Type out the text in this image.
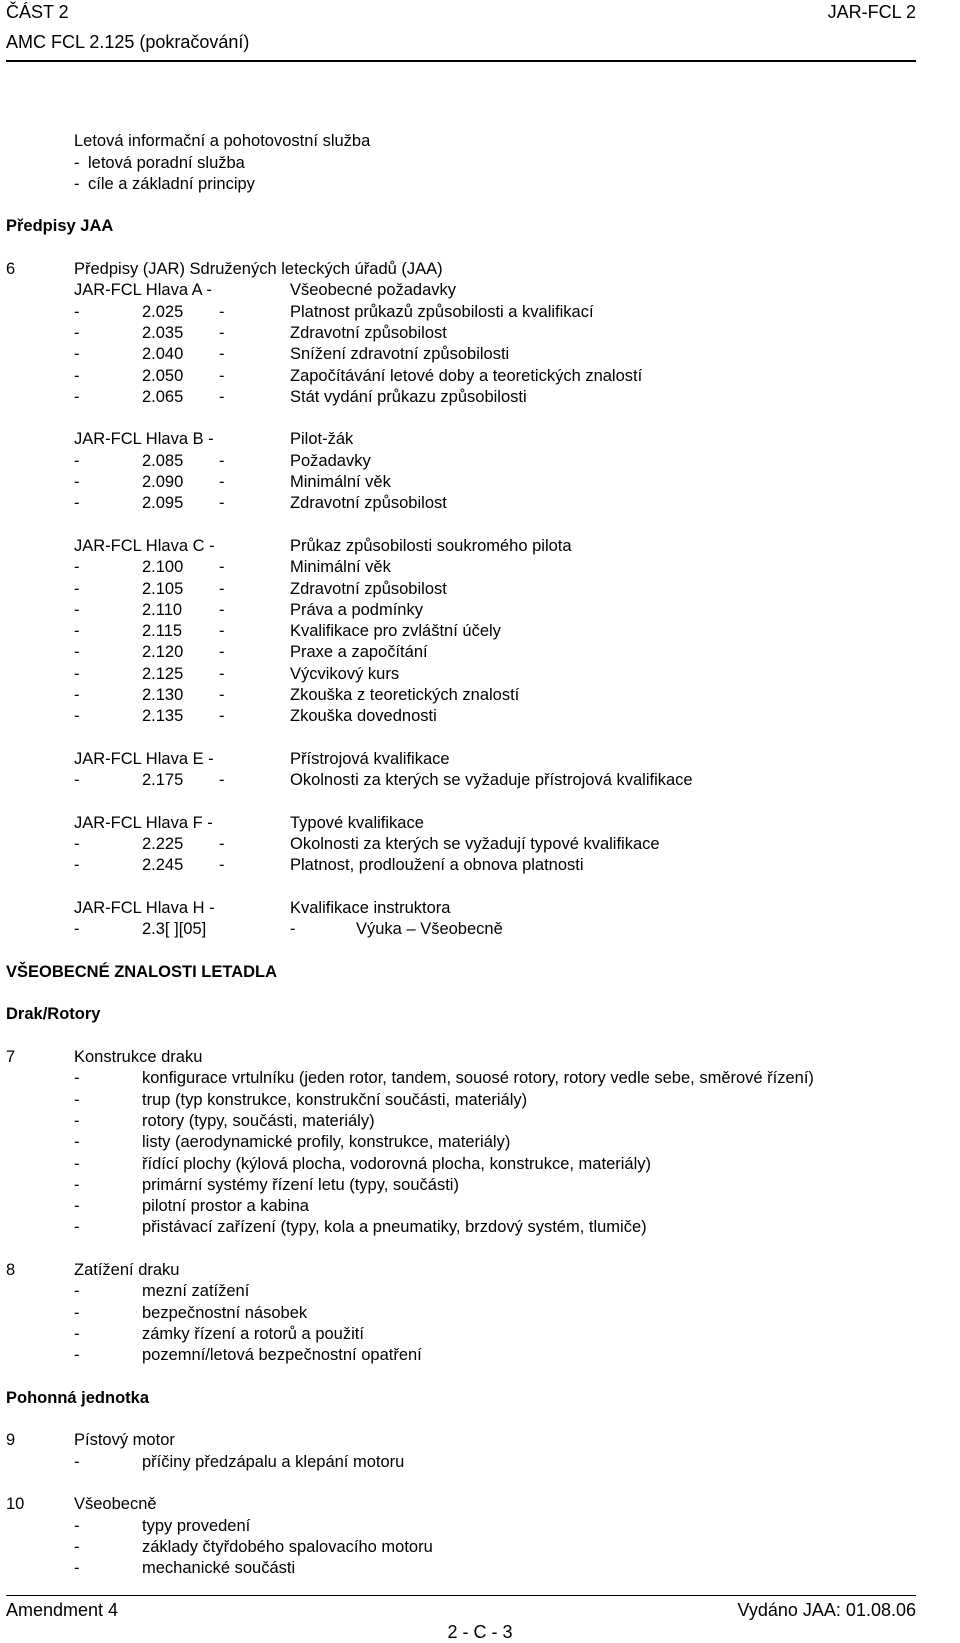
ČÁST 2	JAR-FCL 2
AMC FCL 2.125 (pokračování)
Letová informační a pohotovostní služba
- letová poradní služba
- cíle a základní principy
Předpisy JAA
6	Předpisy (JAR) Sdružených leteckých úřadů (JAA)
JAR-FCL Hlava A -	Všeobecné požadavky
-	2.025 -	Platnost průkazů způsobilosti a kvalifikací
-	2.035 -	Zdravotní způsobilost
-	2.040 -	Snížení zdravotní způsobilosti
-	2.050 -	Započítávání letové doby a teoretických znalostí
-	2.065 -	Stát vydání průkazu způsobilosti
JAR-FCL Hlava B -	Pilot-žák
-	2.085 -	Požadavky
-	2.090 -	Minimální věk
-	2.095 -	Zdravotní způsobilost
JAR-FCL Hlava C -	Průkaz způsobilosti soukromého pilota
-	2.100 -	Minimální věk
-	2.105 -	Zdravotní způsobilost
-	2.110 -	Práva a podmínky
-	2.115 -	Kvalifikace pro zvláštní účely
-	2.120 -	Praxe a započítání
-	2.125 -	Výcvikový kurs
-	2.130 -	Zkouška z teoretických znalostí
-	2.135 -	Zkouška dovednosti
JAR-FCL Hlava E -	Přístrojová kvalifikace
-	2.175 -	Okolnosti za kterých se vyžaduje přístrojová kvalifikace
JAR-FCL Hlava F -	Typové kvalifikace
-	2.225 -	Okolnosti za kterých se vyžadují typové kvalifikace
-	2.245 -	Platnost, prodloužení a obnova platnosti
JAR-FCL Hlava H -	Kvalifikace instruktora
-	2.3[ ][05]	-	Výuka – Všeobecně
VŠEOBECNÉ ZNALOSTI LETADLA
Drak/Rotory
7	Konstrukce draku
-	konfigurace vrtulníku (jeden rotor, tandem, souosé rotory, rotory vedle sebe, směrové řízení)
-	trup (typ konstrukce, konstrukční součásti, materiály)
-	rotory (typy, součásti, materiály)
-	listy (aerodynamické profily, konstrukce, materiály)
-	řídící plochy (kýlová plocha, vodorovná plocha, konstrukce, materiály)
-	primární systémy řízení letu (typy, součásti)
-	pilotní prostor a kabina
-	přistávací zařízení (typy, kola a pneumatiky, brzdový systém, tlumiče)
8	Zatížení draku
-	mezní zatížení
-	bezpečnostní násobek
-	zámky řízení a rotorů a použití
-	pozemní/letová bezpečnostní opatření
Pohonná jednotka
9	Pístový motor
-	příčiny předzápalu a klepání motoru
10	Všeobecně
-	typy provedení
-	základy čtyřdobého spalovacího motoru
-	mechanické součásti
Amendment 4	Vydáno JAA: 01.08.06
2 - C - 3
